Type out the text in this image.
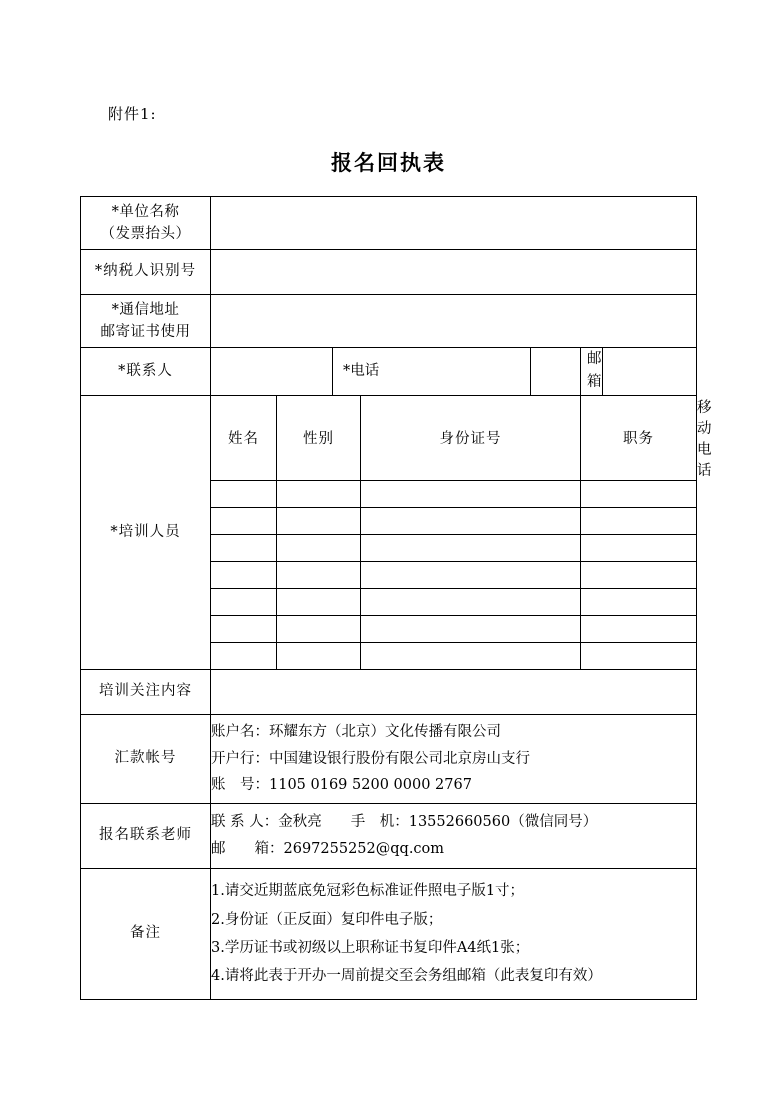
附件1:
报名回执表
*单位名称
（发票抬头）								

*纳税人识别号								

*通信地址
邮寄证书使用								

*联系人			*电话			邮箱		
*培训人员	姓名	性别		身份证号		职务		移动电话

培训关注内容								
汇款帐号	账户名：环耀东方（北京）文化传播有限公司
开户行：中国建设银行股份有限公司北京房山支行
账　号：1105 0169 5200 0000 2767							

报名联系老师	联 系 人：金秋亮　　手　机：13552660560（微信同号）
邮　　箱：2697255252@qq.com							

备注	1.请交近期蓝底免冠彩色标准证件照电子版1寸；
2.身份证（正反面）复印件电子版；
3.学历证书或初级以上职称证书复印件A4纸1张；
4.请将此表于开办一周前提交至会务组邮箱（此表复印有效）							
